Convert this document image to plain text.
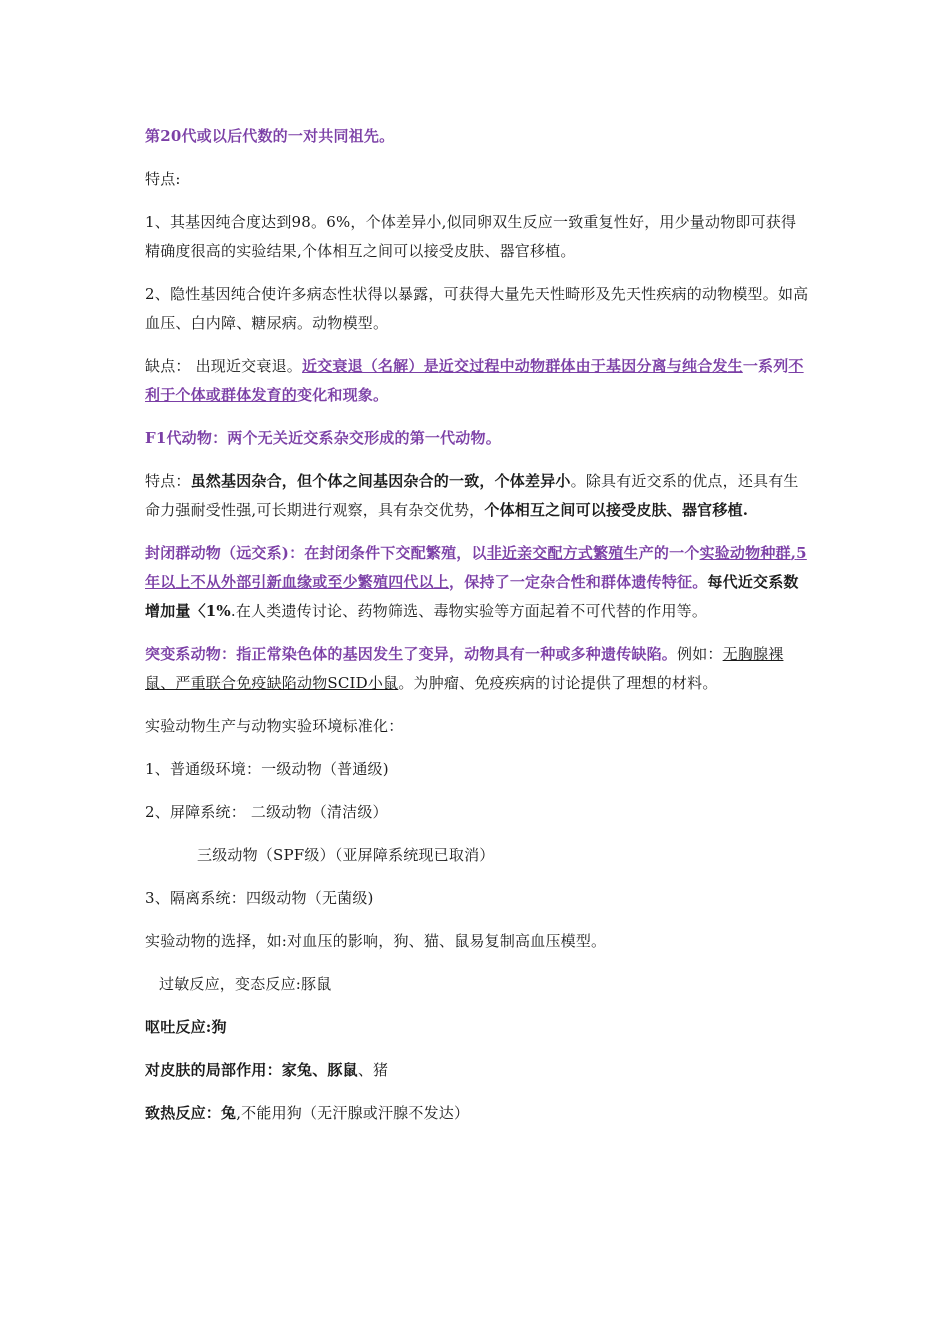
第20代或以后代数的一对共同祖先。

特点:

1、其基因纯合度达到98。6%，个体差异小,似同卵双生反应一致重复性好，用少量动物即可获得精确度很高的实验结果,个体相互之间可以接受皮肤、器官移植。

2、隐性基因纯合使许多病态性状得以暴露，可获得大量先天性畸形及先天性疾病的动物模型。如高血压、白内障、糖尿病。动物模型。

缺点： 出现近交衰退。近交衰退（名解）是近交过程中动物群体由于基因分离与纯合发生一系列不利于个体或群体发育的变化和现象。

F1代动物：两个无关近交系杂交形成的第一代动物。

特点：虽然基因杂合，但个体之间基因杂合的一致，个体差异小。除具有近交系的优点，还具有生命力强耐受性强,可长期进行观察，具有杂交优势，个体相互之间可以接受皮肤、器官移植.

封闭群动物（远交系)：在封闭条件下交配繁殖，以非近亲交配方式繁殖生产的一个实验动物种群,5年以上不从外部引新血缘或至少繁殖四代以上，保持了一定杂合性和群体遗传特征。每代近交系数增加量〈1%.在人类遗传讨论、药物筛选、毒物实验等方面起着不可代替的作用等。

突变系动物：指正常染色体的基因发生了变异，动物具有一种或多种遗传缺陷。例如：无胸腺裸鼠、严重联合免疫缺陷动物SCID小鼠。为肿瘤、免疫疾病的讨论提供了理想的材料。

实验动物生产与动物实验环境标准化：

1、普通级环境：一级动物（普通级)

2、屏障系统： 二级动物（清洁级）

三级动物（SPF级）（亚屏障系统现已取消）

3、隔离系统：四级动物（无菌级)

实验动物的选择，如:对血压的影响，狗、猫、鼠易复制高血压模型。

过敏反应，变态反应:豚鼠

呕吐反应:狗

对皮肤的局部作用：家兔、豚鼠、猪

致热反应：兔,不能用狗（无汗腺或汗腺不发达）
